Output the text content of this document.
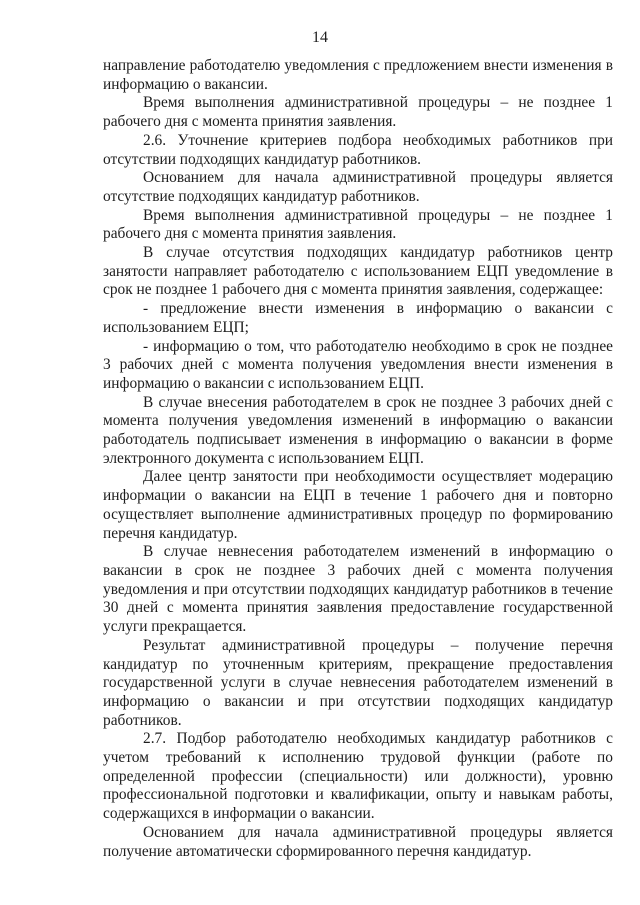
14

направление работодателю уведомления с предложением внести изменения в информацию о вакансии.

Время выполнения административной процедуры – не позднее 1 рабочего дня с момента принятия заявления.

2.6. Уточнение критериев подбора необходимых работников при отсутствии подходящих кандидатур работников.

Основанием для начала административной процедуры является отсутствие подходящих кандидатур работников.

Время выполнения административной процедуры – не позднее 1 рабочего дня с момента принятия заявления.

В случае отсутствия подходящих кандидатур работников центр занятости направляет работодателю с использованием ЕЦП уведомление в срок не позднее 1 рабочего дня с момента принятия заявления, содержащее:

- предложение внести изменения в информацию о вакансии с использованием ЕЦП;

- информацию о том, что работодателю необходимо в срок не позднее 3 рабочих дней с момента получения уведомления внести изменения в информацию о вакансии с использованием ЕЦП.

В случае внесения работодателем в срок не позднее 3 рабочих дней с момента получения уведомления изменений в информацию о вакансии работодатель подписывает изменения в информацию о вакансии в форме электронного документа с использованием ЕЦП.

Далее центр занятости при необходимости осуществляет модерацию информации о вакансии на ЕЦП в течение 1 рабочего дня и повторно осуществляет выполнение административных процедур по формированию перечня кандидатур.

В случае невнесения работодателем изменений в информацию о вакансии в срок не позднее 3 рабочих дней с момента получения уведомления и при отсутствии подходящих кандидатур работников в течение 30 дней с момента принятия заявления предоставление государственной услуги прекращается.

Результат административной процедуры – получение перечня кандидатур по уточненным критериям, прекращение предоставления государственной услуги в случае невнесения работодателем изменений в информацию о вакансии и при отсутствии подходящих кандидатур работников.

2.7. Подбор работодателю необходимых кандидатур работников с учетом требований к исполнению трудовой функции (работе по определенной профессии (специальности) или должности), уровню профессиональной подготовки и квалификации, опыту и навыкам работы, содержащихся в информации о вакансии.

Основанием для начала административной процедуры является получение автоматически сформированного перечня кандидатур.
